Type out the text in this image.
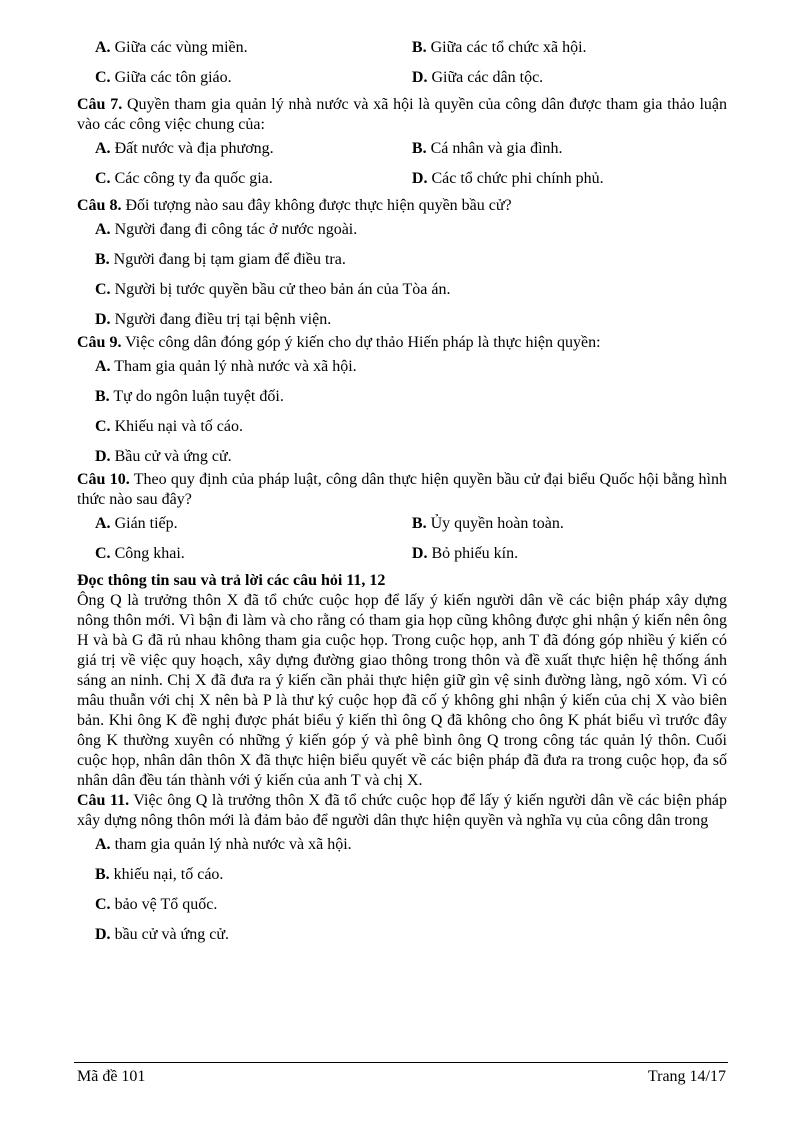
A. Giữa các vùng miền.	B. Giữa các tổ chức xã hội.
C. Giữa các tôn giáo.	D. Giữa các dân tộc.
Câu 7. Quyền tham gia quản lý nhà nước và xã hội là quyền của công dân được tham gia thảo luận vào các công việc chung của:
A. Đất nước và địa phương.	B. Cá nhân và gia đình.
C. Các công ty đa quốc gia.	D. Các tổ chức phi chính phủ.
Câu 8. Đối tượng nào sau đây không được thực hiện quyền bầu cử?
A. Người đang đi công tác ở nước ngoài.
B. Người đang bị tạm giam để điều tra.
C. Người bị tước quyền bầu cử theo bản án của Tòa án.
D. Người đang điều trị tại bệnh viện.
Câu 9. Việc công dân đóng góp ý kiến cho dự thảo Hiến pháp là thực hiện quyền:
A. Tham gia quản lý nhà nước và xã hội.
B. Tự do ngôn luận tuyệt đối.
C. Khiếu nại và tố cáo.
D. Bầu cử và ứng cử.
Câu 10. Theo quy định của pháp luật, công dân thực hiện quyền bầu cử đại biểu Quốc hội bằng hình thức nào sau đây?
A. Gián tiếp.	B. Ủy quyền hoàn toàn.
C. Công khai.	D. Bỏ phiếu kín.
Đọc thông tin sau và trả lời các câu hỏi 11, 12
Ông Q là trưởng thôn X đã tổ chức cuộc họp để lấy ý kiến người dân về các biện pháp xây dựng nông thôn mới. Vì bận đi làm và cho rằng có tham gia họp cũng không được ghi nhận ý kiến nên ông H và bà G đã rủ nhau không tham gia cuộc họp. Trong cuộc họp, anh T đã đóng góp nhiều ý kiến có giá trị về việc quy hoạch, xây dựng đường giao thông trong thôn và đề xuất thực hiện hệ thống ánh sáng an ninh. Chị X đã đưa ra ý kiến cần phải thực hiện giữ gìn vệ sinh đường làng, ngõ xóm. Vì có mâu thuẫn với chị X nên bà P là thư ký cuộc họp đã cố ý không ghi nhận ý kiến của chị X vào biên bản. Khi ông K đề nghị được phát biểu ý kiến thì ông Q đã không cho ông K phát biểu vì trước đây ông K thường xuyên có những ý kiến góp ý và phê bình ông Q trong công tác quản lý thôn. Cuối cuộc họp, nhân dân thôn X đã thực hiện biểu quyết về các biện pháp đã đưa ra trong cuộc họp, đa số nhân dân đều tán thành với ý kiến của anh T và chị X.
Câu 11. Việc ông Q là trưởng thôn X đã tổ chức cuộc họp để lấy ý kiến người dân về các biện pháp xây dựng nông thôn mới là đảm bảo để người dân thực hiện quyền và nghĩa vụ của công dân trong
A. tham gia quản lý nhà nước và xã hội.
B. khiếu nại, tố cáo.
C. bảo vệ Tổ quốc.
D. bầu cử và ứng cử.
Mã đề 101	Trang 14/17
